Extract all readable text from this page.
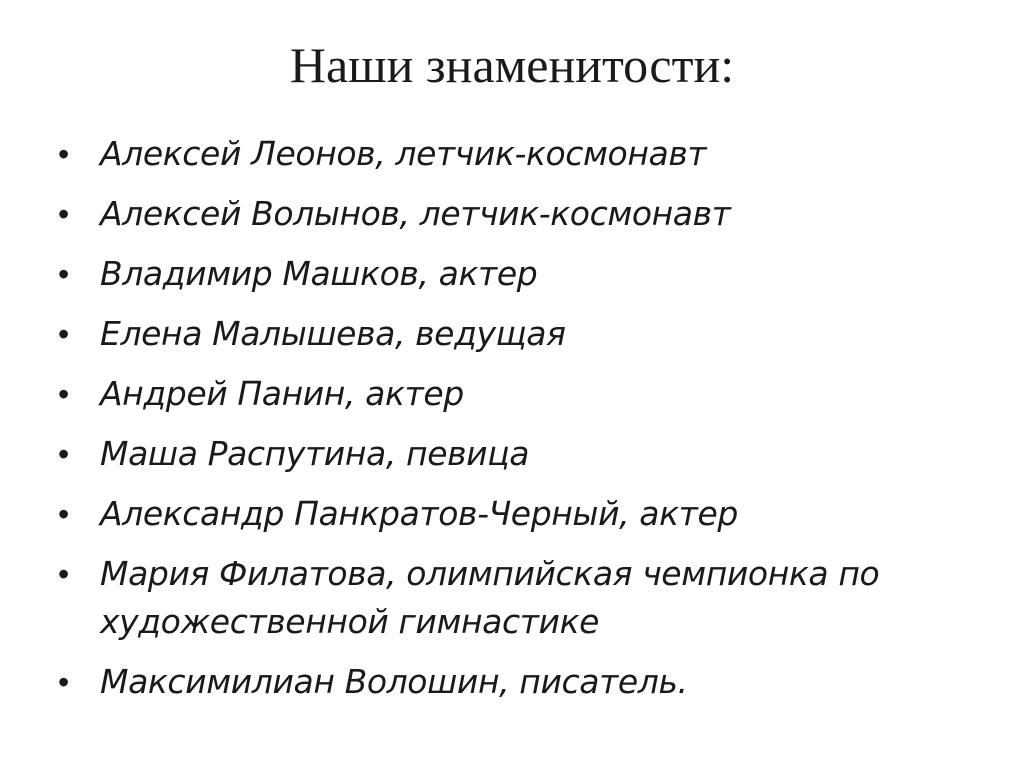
Наши знаменитости:
• Алексей Леонов, летчик-космонавт
• Алексей Волынов, летчик-космонавт
• Владимир Машков, актер
• Елена Малышева, ведущая
• Андрей Панин, актер
• Маша Распутина, певица
• Александр Панкратов-Черный, актер
• Мария Филатова, олимпийская чемпионка по художественной гимнастике
• Максимилиан Волошин, писатель.
